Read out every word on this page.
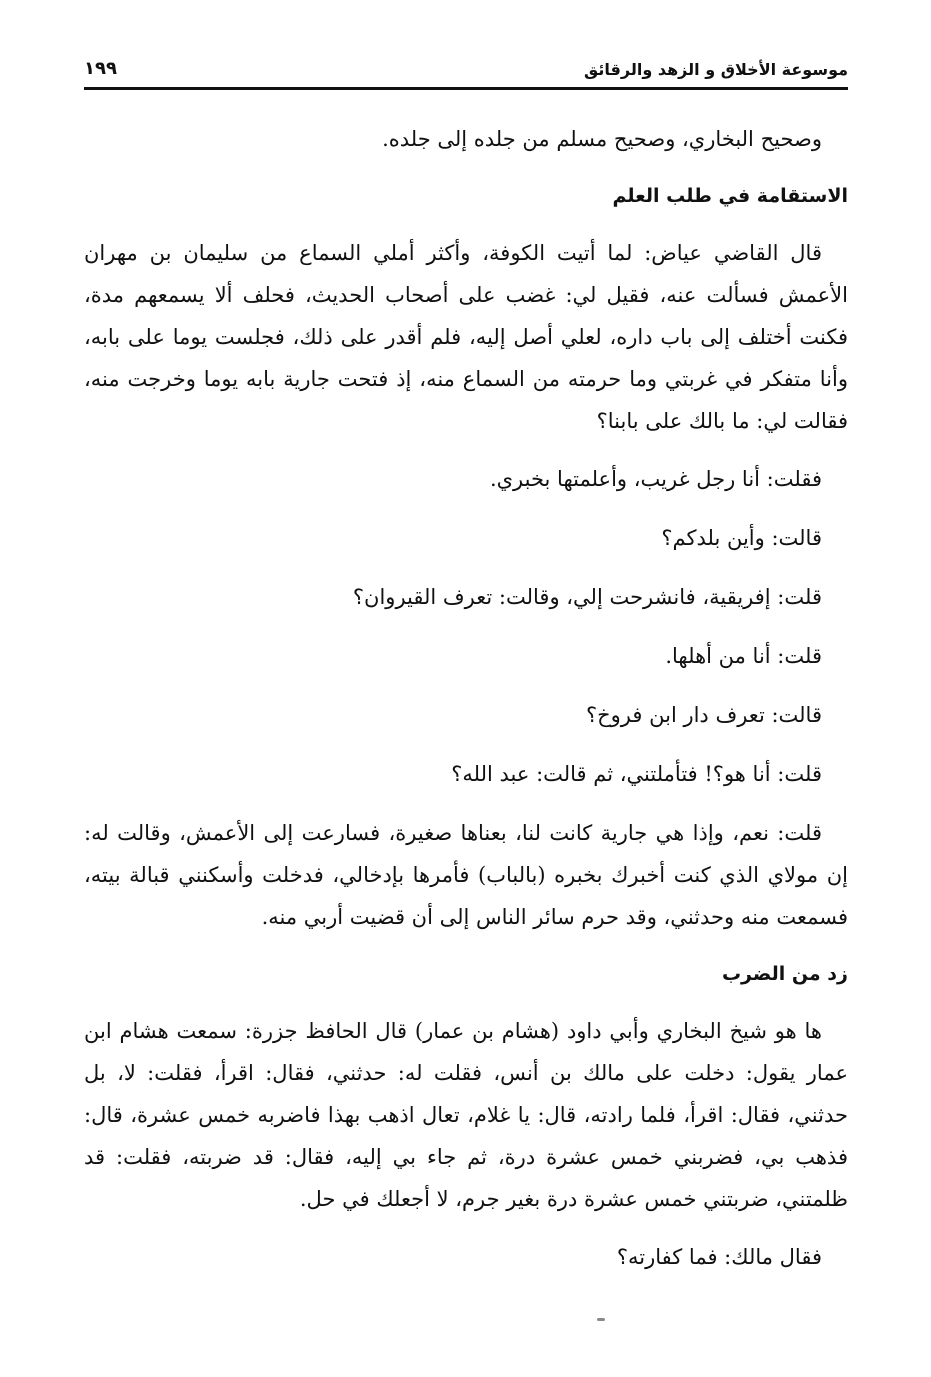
موسوعة الأخلاق و الزهد والرقائق
١٩٩

وصحيح البخاري، وصحيح مسلم من جلده إلى جلده.

الاستقامة في طلب العلم

قال القاضي عياض: لما أتيت الكوفة، وأكثر أملي السماع من سليمان بن مهران الأعمش فسألت عنه، فقيل لي: غضب على أصحاب الحديث، فحلف ألا يسمعهم مدة، فكنت أختلف إلى باب داره، لعلي أصل إليه، فلم أقدر على ذلك، فجلست يوما على بابه، وأنا متفكر في غربتي وما حرمته من السماع منه، إذ فتحت جارية بابه يوما وخرجت منه، فقالت لي: ما بالك على بابنا؟

فقلت: أنا رجل غريب، وأعلمتها بخبري.

قالت: وأين بلدكم؟

قلت: إفريقية، فانشرحت إلي، وقالت: تعرف القيروان؟

قلت: أنا من أهلها.

قالت: تعرف دار ابن فروخ؟

قلت: أنا هو؟! فتأملتني، ثم قالت: عبد الله؟

قلت: نعم، وإذا هي جارية كانت لنا، بعناها صغيرة، فسارعت إلى الأعمش، وقالت له: إن مولاي الذي كنت أخبرك بخبره (بالباب) فأمرها بإدخالي، فدخلت وأسكنني قبالة بيته، فسمعت منه وحدثني، وقد حرم سائر الناس إلى أن قضيت أربي منه.

زد من الضرب

ها هو شيخ البخاري وأبي داود (هشام بن عمار) قال الحافظ جزرة: سمعت هشام ابن عمار يقول: دخلت على مالك بن أنس، فقلت له: حدثني، فقال: اقرأ، فقلت: لا، بل حدثني، فقال: اقرأ، فلما رادته، قال: يا غلام، تعال اذهب بهذا فاضربه خمس عشرة، قال: فذهب بي، فضربني خمس عشرة درة، ثم جاء بي إليه، فقال: قد ضربته، فقلت: قد ظلمتني، ضربتني خمس عشرة درة بغير جرم، لا أجعلك في حل.

فقال مالك: فما كفارته؟
